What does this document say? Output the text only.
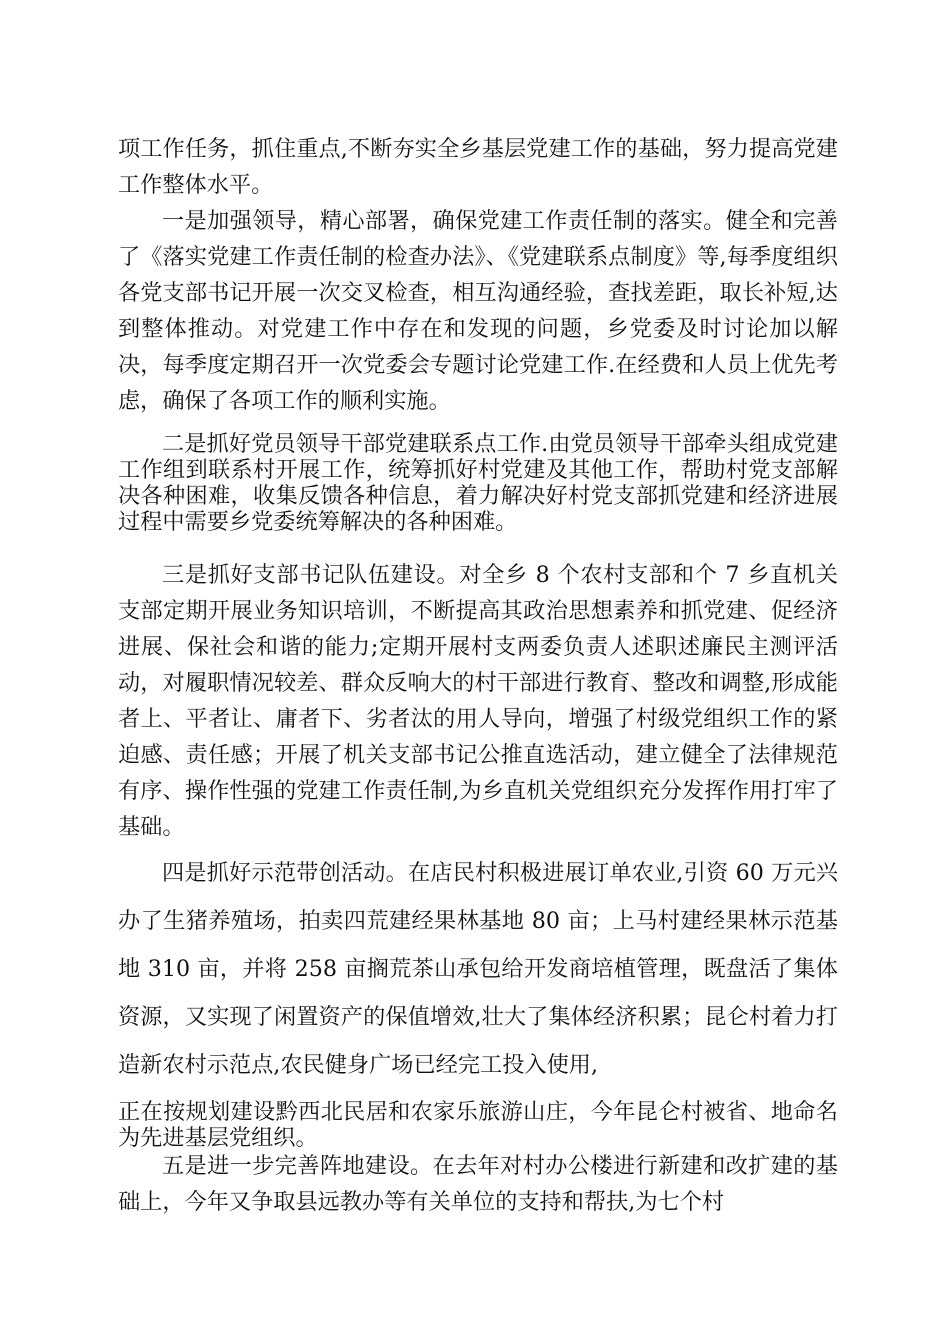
项工作任务，抓住重点,不断夯实全乡基层党建工作的基础，努力提高党建工作整体水平。

一是加强领导，精心部署，确保党建工作责任制的落实。健全和完善了《落实党建工作责任制的检查办法》、《党建联系点制度》等,每季度组织各党支部书记开展一次交叉检查，相互沟通经验，查找差距，取长补短,达到整体推动。对党建工作中存在和发现的问题，乡党委及时讨论加以解决，每季度定期召开一次党委会专题讨论党建工作.在经费和人员上优先考虑，确保了各项工作的顺利实施。

二是抓好党员领导干部党建联系点工作.由党员领导干部牵头组成党建工作组到联系村开展工作，统筹抓好村党建及其他工作，帮助村党支部解决各种困难，收集反馈各种信息，着力解决好村党支部抓党建和经济进展过程中需要乡党委统筹解决的各种困难。

三是抓好支部书记队伍建设。对全乡 8 个农村支部和个 7 乡直机关支部定期开展业务知识培训，不断提高其政治思想素养和抓党建、促经济进展、保社会和谐的能力;定期开展村支两委负责人述职述廉民主测评活动，对履职情况较差、群众反响大的村干部进行教育、整改和调整,形成能者上、平者让、庸者下、劣者汰的用人导向，增强了村级党组织工作的紧迫感、责任感；开展了机关支部书记公推直选活动，建立健全了法律规范有序、操作性强的党建工作责任制,为乡直机关党组织充分发挥作用打牢了基础。

四是抓好示范带创活动。在店民村积极进展订单农业,引资 60 万元兴办了生猪养殖场，拍卖四荒建经果林基地 80 亩；上马村建经果林示范基地 310 亩，并将 258 亩搁荒茶山承包给开发商培植管理，既盘活了集体资源，又实现了闲置资产的保值增效,壮大了集体经济积累；昆仑村着力打造新农村示范点,农民健身广场已经完工投入使用,

正在按规划建设黔西北民居和农家乐旅游山庄，今年昆仑村被省、地命名为先进基层党组织。

五是进一步完善阵地建设。在去年对村办公楼进行新建和改扩建的基础上，今年又争取县远教办等有关单位的支持和帮扶,为七个村
